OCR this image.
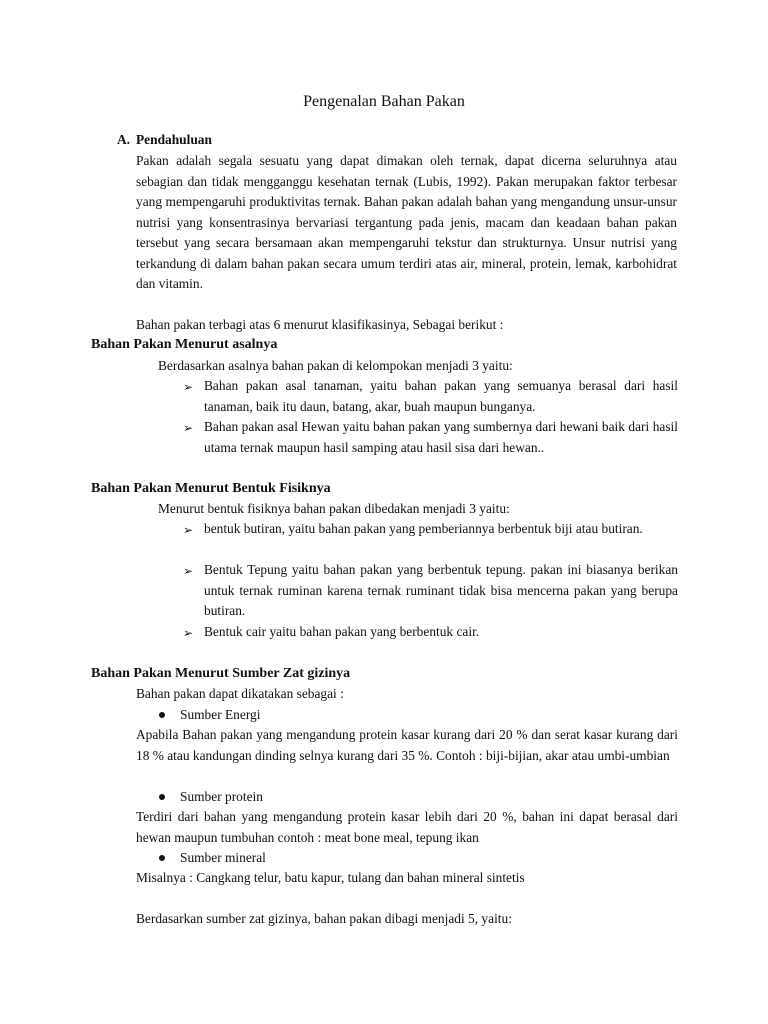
Pengenalan Bahan Pakan
A. Pendahuluan
Pakan adalah segala sesuatu yang dapat dimakan oleh ternak, dapat dicerna seluruhnya atau sebagian dan tidak mengganggu kesehatan ternak (Lubis, 1992). Pakan merupakan faktor terbesar yang mempengaruhi produktivitas ternak. Bahan pakan adalah bahan yang mengandung unsur-unsur nutrisi yang konsentrasinya bervariasi tergantung pada jenis, macam dan keadaan bahan pakan tersebut yang secara bersamaan akan mempengaruhi tekstur dan strukturnya. Unsur nutrisi yang terkandung di dalam bahan pakan secara umum terdiri atas air, mineral, protein, lemak, karbohidrat dan vitamin.
Bahan pakan terbagi atas 6 menurut klasifikasinya, Sebagai berikut :
Bahan Pakan Menurut asalnya
Berdasarkan asalnya bahan pakan di kelompokan menjadi 3 yaitu:
➢ Bahan pakan asal tanaman, yaitu bahan pakan yang semuanya berasal dari hasil tanaman, baik itu daun, batang, akar, buah maupun bunganya.
➢ Bahan pakan asal Hewan yaitu bahan pakan yang sumbernya dari hewani baik dari hasil utama ternak maupun hasil samping atau hasil sisa dari hewan..
Bahan Pakan Menurut Bentuk Fisiknya
Menurut bentuk fisiknya bahan pakan dibedakan menjadi 3 yaitu:
➢ bentuk butiran, yaitu bahan pakan yang pemberiannya berbentuk biji atau butiran.
➢ Bentuk Tepung yaitu bahan pakan yang berbentuk tepung. pakan ini biasanya berikan untuk ternak ruminan karena ternak ruminant tidak bisa mencerna pakan yang berupa butiran.
➢ Bentuk cair yaitu bahan pakan yang berbentuk cair.
Bahan Pakan Menurut Sumber Zat gizinya
Bahan pakan dapat dikatakan sebagai :
Sumber Energi
Apabila Bahan pakan yang mengandung protein kasar kurang dari 20 % dan serat kasar kurang dari 18 % atau kandungan dinding selnya kurang dari 35 %. Contoh : biji-bijian, akar atau umbi-umbian
Sumber protein
Terdiri dari bahan yang mengandung protein kasar lebih dari 20 %, bahan ini dapat berasal dari hewan maupun tumbuhan contoh : meat bone meal, tepung ikan
Sumber mineral
Misalnya : Cangkang telur, batu kapur, tulang dan bahan mineral sintetis
Berdasarkan sumber zat gizinya, bahan pakan dibagi menjadi 5, yaitu:
